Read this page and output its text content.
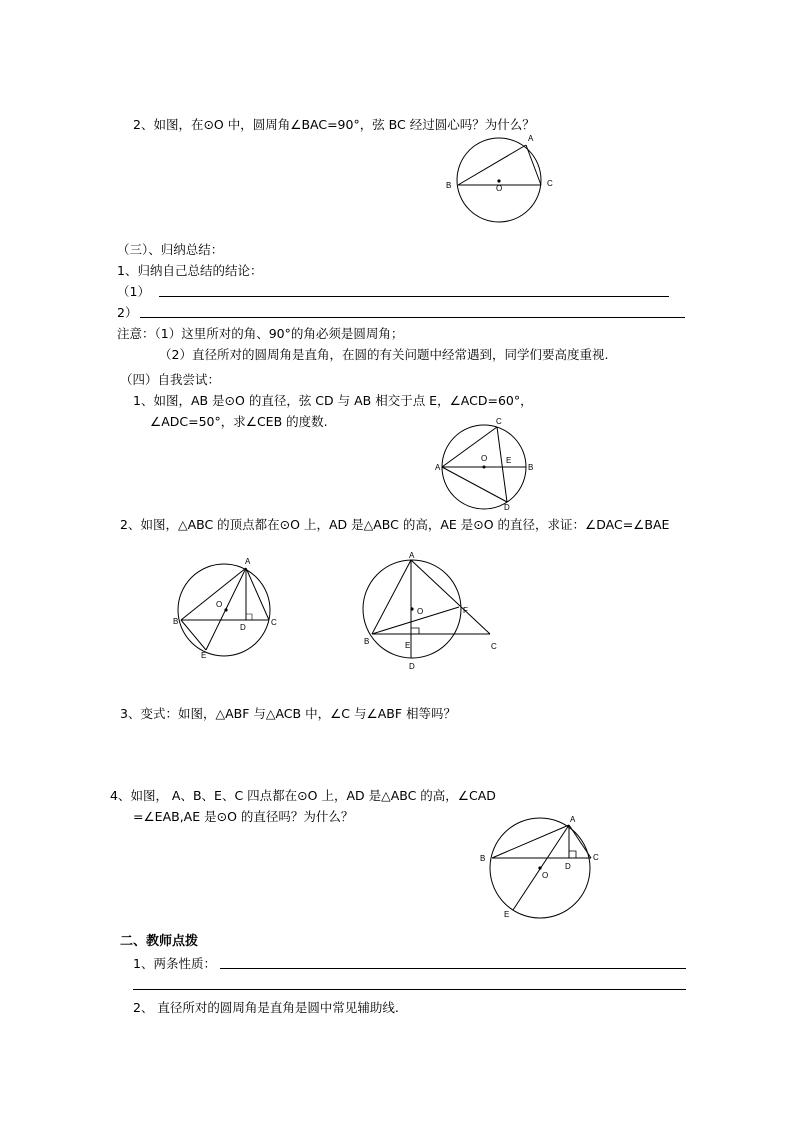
2、如图，在⊙O 中，圆周角∠BAC=90°，弦 BC 经过圆心吗？为什么？
A
B	C
O
（三）、归纳总结：
1、归纳自己总结的结论：
（1）
2）
注意：（1）这里所对的角、90°的角必须是圆周角；
（2）直径所对的圆周角是直角，在圆的有关问题中经常遇到，同学们要高度重视.
（四）自我尝试：
1、如图，AB 是⊙O 的直径，弦 CD 与 AB 相交于点 E，∠ACD=60°，
∠ADC=50°，求∠CEB 的度数.
A	B
C
D
E
O
2、如图，△ABC 的顶点都在⊙O 上，AD 是△ABC 的高，AE 是⊙O 的直径，求证：∠DAC=∠BAE
A
B	C
D
E
O
A
B
C
D
E
F
O
3、变式：如图，△ABF 与△ACB 中，∠C 与∠ABF 相等吗？
4、如图， A、B、E、C 四点都在⊙O 上，AD 是△ABC 的高，∠CAD
=∠EAB,AE 是⊙O 的直径吗？为什么？	A
B	C
D
E
O
二、教师点拨
1、两条性质：
2、 直径所对的圆周角是直角是圆中常见辅助线.
